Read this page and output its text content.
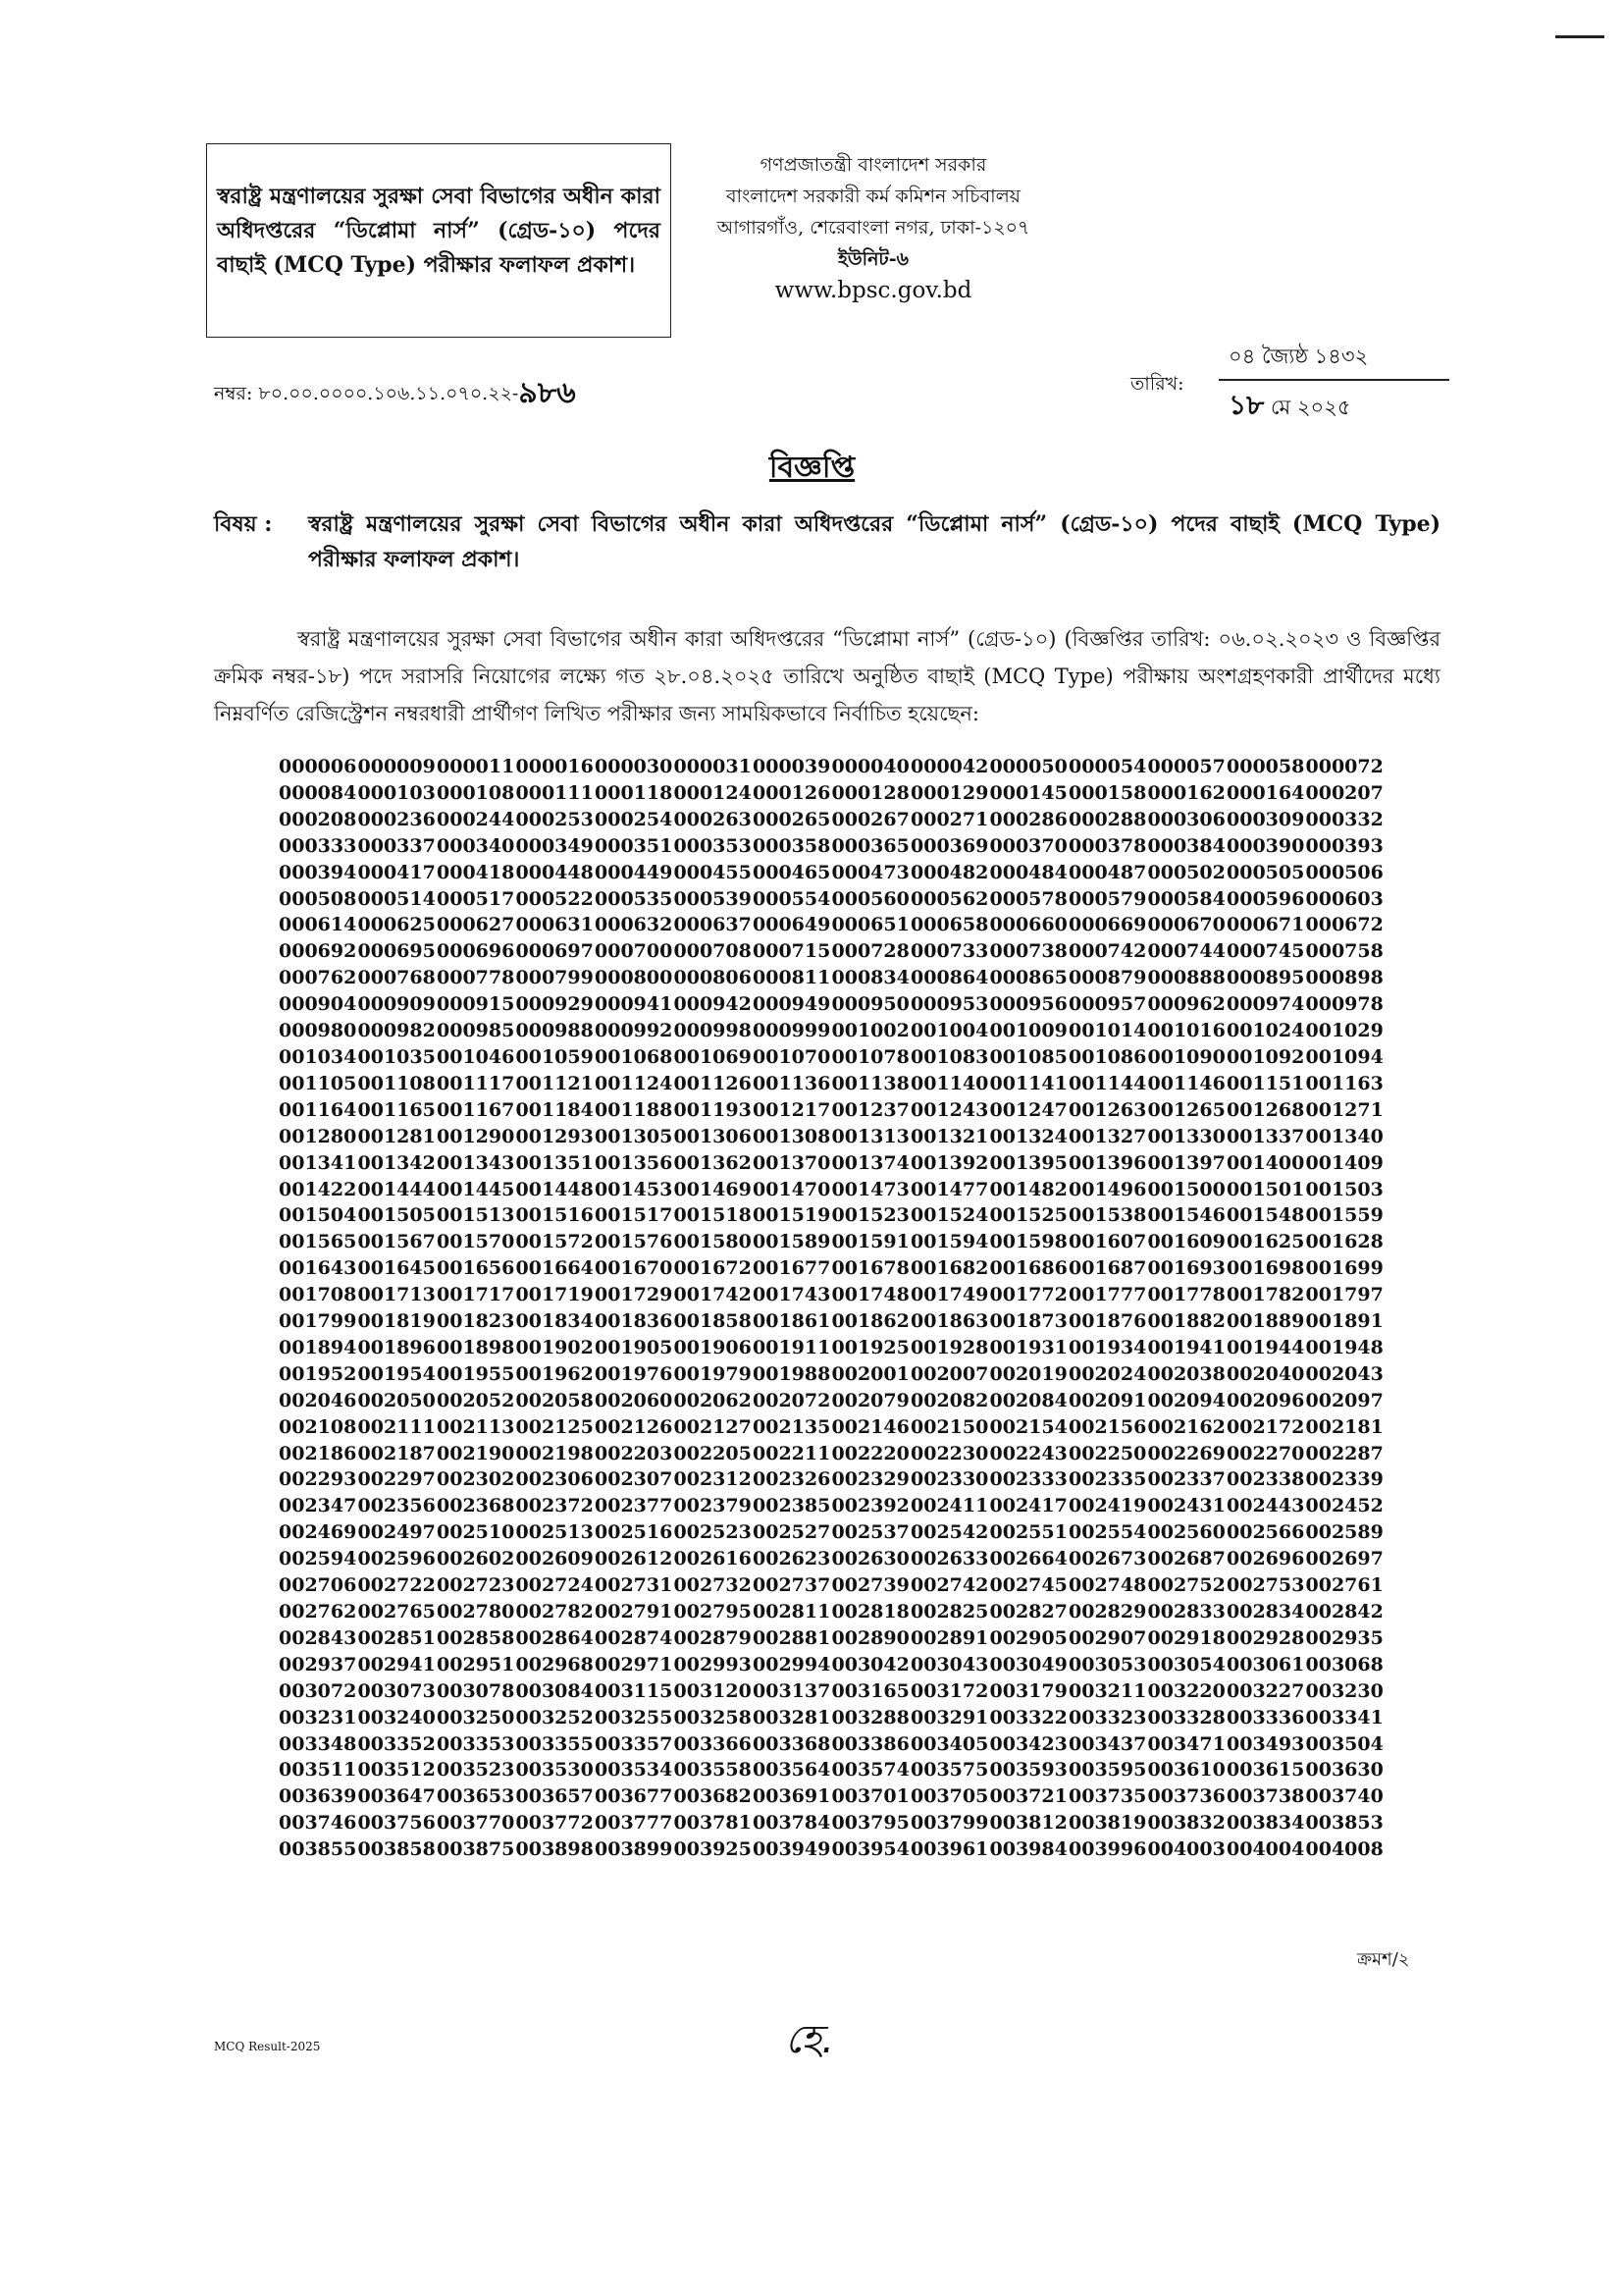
স্বরাষ্ট্র মন্ত্রণালয়ের সুরক্ষা সেবা বিভাগের অধীন কারা অধিদপ্তরের “ডিপ্লোমা নার্স” (গ্রেড-১০) পদের বাছাই (MCQ Type) পরীক্ষার ফলাফল প্রকাশ।
গণপ্রজাতন্ত্রী বাংলাদেশ সরকার
বাংলাদেশ সরকারী কর্ম কমিশন সচিবালয়
আগারগাঁও, শেরেবাংলা নগর, ঢাকা-১২০৭
ইউনিট-৬
www.bpsc.gov.bd
নম্বর: ৮০.০০.০০০০.১০৬.১১.০৭০.২২-৯৮৬	তারিখ:
০৪ জ্যৈষ্ঠ ১৪৩২
১৮ মে ২০২৫
বিজ্ঞপ্তি
বিষয় : স্বরাষ্ট্র মন্ত্রণালয়ের সুরক্ষা সেবা বিভাগের অধীন কারা অধিদপ্তরের “ডিপ্লোমা নার্স” (গ্রেড-১০) পদের বাছাই (MCQ Type) পরীক্ষার ফলাফল প্রকাশ।
স্বরাষ্ট্র মন্ত্রণালয়ের সুরক্ষা সেবা বিভাগের অধীন কারা অধিদপ্তরের “ডিপ্লোমা নার্স” (গ্রেড-১০) (বিজ্ঞপ্তির তারিখ: ০৬.০২.২০২৩ ও বিজ্ঞপ্তির ক্রমিক নম্বর-১৮) পদে সরাসরি নিয়োগের লক্ষ্যে গত ২৮.০৪.২০২৫ তারিখে অনুষ্ঠিত বাছাই (MCQ Type) পরীক্ষায় অংশগ্রহণকারী প্রার্থীদের মধ্যে নিম্নবর্ণিত রেজিস্ট্রেশন নম্বরধারী প্রার্থীগণ লিখিত পরীক্ষার জন্য সাময়িকভাবে নির্বাচিত হয়েছেন:
000006 000009 000011 000016 000030 000031 000039 000040 000042 000050 000054 000057 000058 000072
000084 000103 000108 000111 000118 000124 000126 000128 000129 000145 000158 000162 000164 000207
000208 000236 000244 000253 000254 000263 000265 000267 000271 000286 000288 000306 000309 000332
000333 000337 000340 000349 000351 000353 000358 000365 000369 000370 000378 000384 000390 000393
000394 000417 000418 000448 000449 000455 000465 000473 000482 000484 000487 000502 000505 000506
000508 000514 000517 000522 000535 000539 000554 000560 000562 000578 000579 000584 000596 000603
000614 000625 000627 000631 000632 000637 000649 000651 000658 000660 000669 000670 000671 000672
000692 000695 000696 000697 000700 000708 000715 000728 000733 000738 000742 000744 000745 000758
000762 000768 000778 000799 000800 000806 000811 000834 000864 000865 000879 000888 000895 000898
000904 000909 000915 000929 000941 000942 000949 000950 000953 000956 000957 000962 000974 000978
000980 000982 000985 000988 000992 000998 000999 001002 001004 001009 001014 001016 001024 001029
001034 001035 001046 001059 001068 001069 001070 001078 001083 001085 001086 001090 001092 001094
001105 001108 001117 001121 001124 001126 001136 001138 001140 001141 001144 001146 001151 001163
001164 001165 001167 001184 001188 001193 001217 001237 001243 001247 001263 001265 001268 001271
001280 001281 001290 001293 001305 001306 001308 001313 001321 001324 001327 001330 001337 001340
001341 001342 001343 001351 001356 001362 001370 001374 001392 001395 001396 001397 001400 001409
001422 001444 001445 001448 001453 001469 001470 001473 001477 001482 001496 001500 001501 001503
001504 001505 001513 001516 001517 001518 001519 001523 001524 001525 001538 001546 001548 001559
001565 001567 001570 001572 001576 001580 001589 001591 001594 001598 001607 001609 001625 001628
001643 001645 001656 001664 001670 001672 001677 001678 001682 001686 001687 001693 001698 001699
001708 001713 001717 001719 001729 001742 001743 001748 001749 001772 001777 001778 001782 001797
001799 001819 001823 001834 001836 001858 001861 001862 001863 001873 001876 001882 001889 001891
001894 001896 001898 001902 001905 001906 001911 001925 001928 001931 001934 001941 001944 001948
001952 001954 001955 001962 001976 001979 001988 002001 002007 002019 002024 002038 002040 002043
002046 002050 002052 002058 002060 002062 002072 002079 002082 002084 002091 002094 002096 002097
002108 002111 002113 002125 002126 002127 002135 002146 002150 002154 002156 002162 002172 002181
002186 002187 002190 002198 002203 002205 002211 002220 002230 002243 002250 002269 002270 002287
002293 002297 002302 002306 002307 002312 002326 002329 002330 002333 002335 002337 002338 002339
002347 002356 002368 002372 002377 002379 002385 002392 002411 002417 002419 002431 002443 002452
002469 002497 002510 002513 002516 002523 002527 002537 002542 002551 002554 002560 002566 002589
002594 002596 002602 002609 002612 002616 002623 002630 002633 002664 002673 002687 002696 002697
002706 002722 002723 002724 002731 002732 002737 002739 002742 002745 002748 002752 002753 002761
002762 002765 002780 002782 002791 002795 002811 002818 002825 002827 002829 002833 002834 002842
002843 002851 002858 002864 002874 002879 002881 002890 002891 002905 002907 002918 002928 002935
002937 002941 002951 002968 002971 002993 002994 003042 003043 003049 003053 003054 003061 003068
003072 003073 003078 003084 003115 003120 003137 003165 003172 003179 003211 003220 003227 003230
003231 003240 003250 003252 003255 003258 003281 003288 003291 003322 003323 003328 003336 003341
003348 003352 003353 003355 003357 003366 003368 003386 003405 003423 003437 003471 003493 003504
003511 003512 003523 003530 003534 003558 003564 003574 003575 003593 003595 003610 003615 003630
003639 003647 003653 003657 003677 003682 003691 003701 003705 003721 003735 003736 003738 003740
003746 003756 003770 003772 003777 003781 003784 003795 003799 003812 003819 003832 003834 003853
003855 003858 003875 003898 003899 003925 003949 003954 003961 003984 003996 004003 004004 004008
ক্রমশ/২
হে.
MCQ Result-2025
